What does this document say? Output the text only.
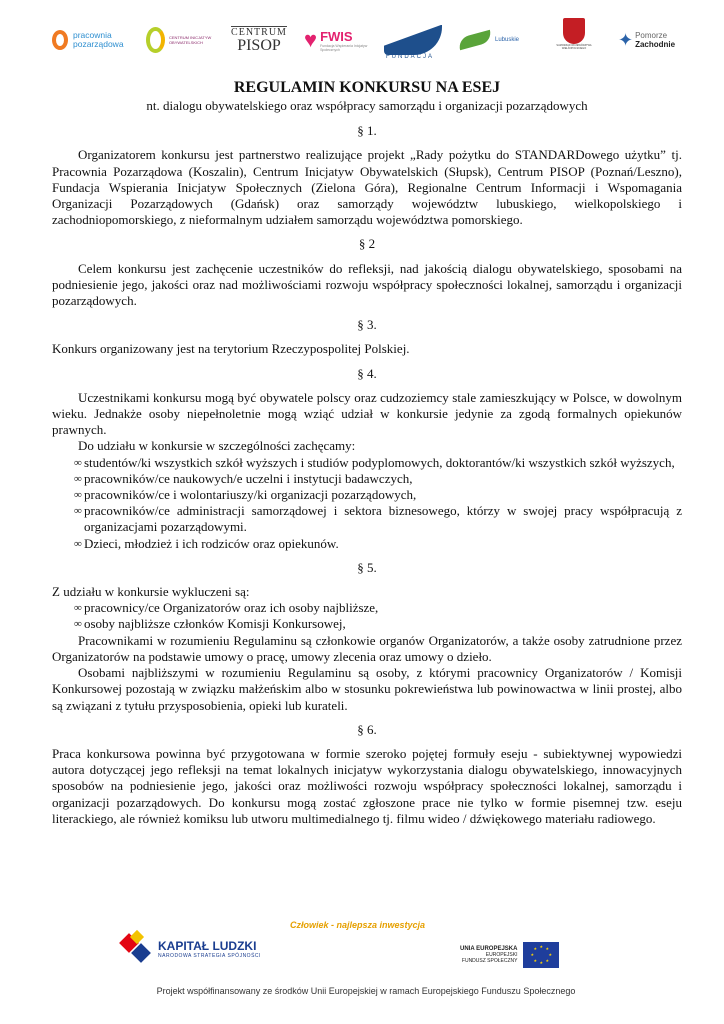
pracownia pozarządowa
CENTRUM INICJATYW OBYWATELSKICH
CENTRUM
PISOP ♥ FWIS
Fundacja Wspierania Inicjatyw Społecznych
FUNDACJA
Lubuskie
SAMORZĄD WOJEWÓDZTWA WIELKOPOLSKIEGO	✦ Pomorze
Zachodnie
REGULAMIN KONKURSU NA ESEJ

nt. dialogu obywatelskiego oraz współpracy samorządu i organizacji pozarządowych

§ 1.

Organizatorem konkursu jest partnerstwo realizujące projekt „Rady pożytku do STANDARDowego użytku” tj. Pracownia Pozarządowa (Koszalin), Centrum Inicjatyw Obywatelskich (Słupsk), Centrum PISOP (Poznań/Leszno), Fundacja Wspierania Inicjatyw Społecznych (Zielona Góra), Regionalne Centrum Informacji i Wspomagania Organizacji Pozarządowych (Gdańsk) oraz samorządy województw lubuskiego, wielkopolskiego i zachodniopomorskiego, z nieformalnym udziałem samorządu województwa pomorskiego.

§ 2

Celem konkursu jest zachęcenie uczestników do refleksji, nad jakością dialogu obywatelskiego, sposobami na podniesienie jego, jakości oraz nad możliwościami rozwoju współpracy społeczności lokalnej, samorządu i organizacji pozarządowych.

§ 3.

Konkurs organizowany jest na terytorium Rzeczypospolitej Polskiej.

§ 4.

Uczestnikami konkursu mogą być obywatele polscy oraz cudzoziemcy stale zamieszkujący w Polsce, w dowolnym wieku. Jednakże osoby niepełnoletnie mogą wziąć udział w konkursie jedynie za zgodą formalnych opiekunów prawnych.

Do udziału w konkursie w szczególności zachęcamy:

∞ studentów/ki wszystkich szkół wyższych i studiów podyplomowych, doktorantów/ki wszystkich szkół wyższych,
∞ pracowników/ce naukowych/e uczelni i instytucji badawczych,
∞ pracowników/ce i wolontariuszy/ki organizacji pozarządowych,
∞ pracowników/ce administracji samorządowej i sektora biznesowego, którzy w swojej pracy współpracują z organizacjami pozarządowymi.
∞ Dzieci, młodzież i ich rodziców oraz opiekunów.

§ 5.

Z udziału w konkursie wykluczeni są:

∞ pracownicy/ce Organizatorów oraz ich osoby najbliższe,
∞ osoby najbliższe członków Komisji Konkursowej,

Pracownikami w rozumieniu Regulaminu są członkowie organów Organizatorów, a także osoby zatrudnione przez Organizatorów na podstawie umowy o pracę, umowy zlecenia oraz umowy o dzieło.

Osobami najbliższymi w rozumieniu Regulaminu są osoby, z którymi pracownicy Organizatorów / Komisji Konkursowej pozostają w związku małżeńskim albo w stosunku pokrewieństwa lub powinowactwa w linii prostej, albo są związani z tytułu przysposobienia, opieki lub kurateli.

§ 6.

Praca konkursowa powinna być przygotowana w formie szeroko pojętej formuły eseju - subiektywnej wypowiedzi autora dotyczącej jego refleksji na temat lokalnych inicjatyw wykorzystania dialogu obywatelskiego, innowacyjnych sposobów na podniesienie jego, jakości oraz możliwości rozwoju współpracy społeczności lokalnej, samorządu i organizacji pozarządowych. Do konkursu mogą zostać zgłoszone prace nie tylko w formie pisemnej tzw. eseju literackiego, ale również komiksu lub utworu multimedialnego tj. filmu wideo / dźwiękowego materiału radiowego.

Człowiek - najlepsza inwestycja
KAPITAŁ LUDZKI
NARODOWA STRATEGIA SPÓJNOŚCI
UNIA EUROPEJSKA
EUROPEJSKI
FUNDUSZ SPOŁECZNY
★ ★
★
★
★
★
★
★
Projekt współfinansowany ze środków Unii Europejskiej w ramach Europejskiego Funduszu Społecznego
